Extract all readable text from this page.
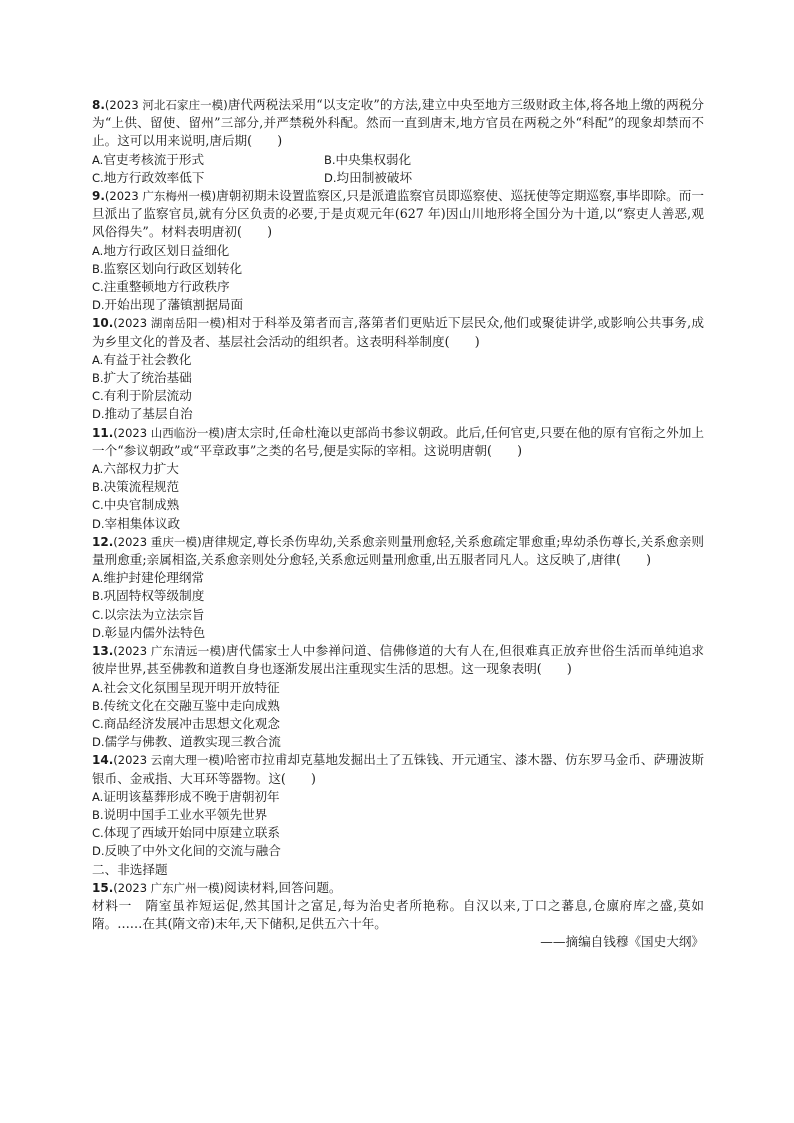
8.(2023 河北石家庄一模)唐代两税法采用“以支定收”的方法,建立中央至地方三级财政主体,将各地上缴的两税分为“上供、留使、留州”三部分,并严禁税外科配。然而一直到唐末,地方官员在两税之外“科配”的现象却禁而不止。这可以用来说明,唐后期(　　)

A.官吏考核流于形式	B.中央集权弱化

C.地方行政效率低下	D.均田制被破坏

9.(2023 广东梅州一模)唐朝初期未设置监察区,只是派遣监察官员即巡察使、巡抚使等定期巡察,事毕即除。而一旦派出了监察官员,就有分区负责的必要,于是贞观元年(627 年)因山川地形将全国分为十道,以“察吏人善恶,观风俗得失”。材料表明唐初(　　)

A.地方行政区划日益细化

B.监察区划向行政区划转化

C.注重整顿地方行政秩序

D.开始出现了藩镇割据局面

10.(2023 湖南岳阳一模)相对于科举及第者而言,落第者们更贴近下层民众,他们或聚徒讲学,或影响公共事务,成为乡里文化的普及者、基层社会活动的组织者。这表明科举制度(　　)

A.有益于社会教化

B.扩大了统治基础

C.有利于阶层流动

D.推动了基层自治

11.(2023 山西临汾一模)唐太宗时,任命杜淹以吏部尚书参议朝政。此后,任何官吏,只要在他的原有官衔之外加上一个“参议朝政”或“平章政事”之类的名号,便是实际的宰相。这说明唐朝(　　)

A.六部权力扩大

B.决策流程规范

C.中央官制成熟

D.宰相集体议政

12.(2023 重庆一模)唐律规定,尊长杀伤卑幼,关系愈亲则量刑愈轻,关系愈疏定罪愈重;卑幼杀伤尊长,关系愈亲则量刑愈重;亲属相盗,关系愈亲则处分愈轻,关系愈远则量刑愈重,出五服者同凡人。这反映了,唐律(　　)

A.维护封建伦理纲常

B.巩固特权等级制度

C.以宗法为立法宗旨

D.彰显内儒外法特色

13.(2023 广东清远一模)唐代儒家士人中参禅问道、信佛修道的大有人在,但很难真正放弃世俗生活而单纯追求彼岸世界,甚至佛教和道教自身也逐渐发展出注重现实生活的思想。这一现象表明(　　)

A.社会文化氛围呈现开明开放特征

B.传统文化在交融互鉴中走向成熟

C.商品经济发展冲击思想文化观念

D.儒学与佛教、道教实现三教合流

14.(2023 云南大理一模)哈密市拉甫却克墓地发掘出土了五铢钱、开元通宝、漆木器、仿东罗马金币、萨珊波斯银币、金戒指、大耳环等器物。这(　　)

A.证明该墓葬形成不晚于唐朝初年

B.说明中国手工业水平领先世界

C.体现了西域开始同中原建立联系

D.反映了中外文化间的交流与融合

二、非选择题

15.(2023 广东广州一模)阅读材料,回答问题。

材料一　 隋室虽祚短运促,然其国计之富足,每为治史者所艳称。自汉以来,丁口之蕃息,仓廪府库之盛,莫如隋。……在其(隋文帝)末年,天下储积,足供五六十年。

——摘编自钱穆《国史大纲》
